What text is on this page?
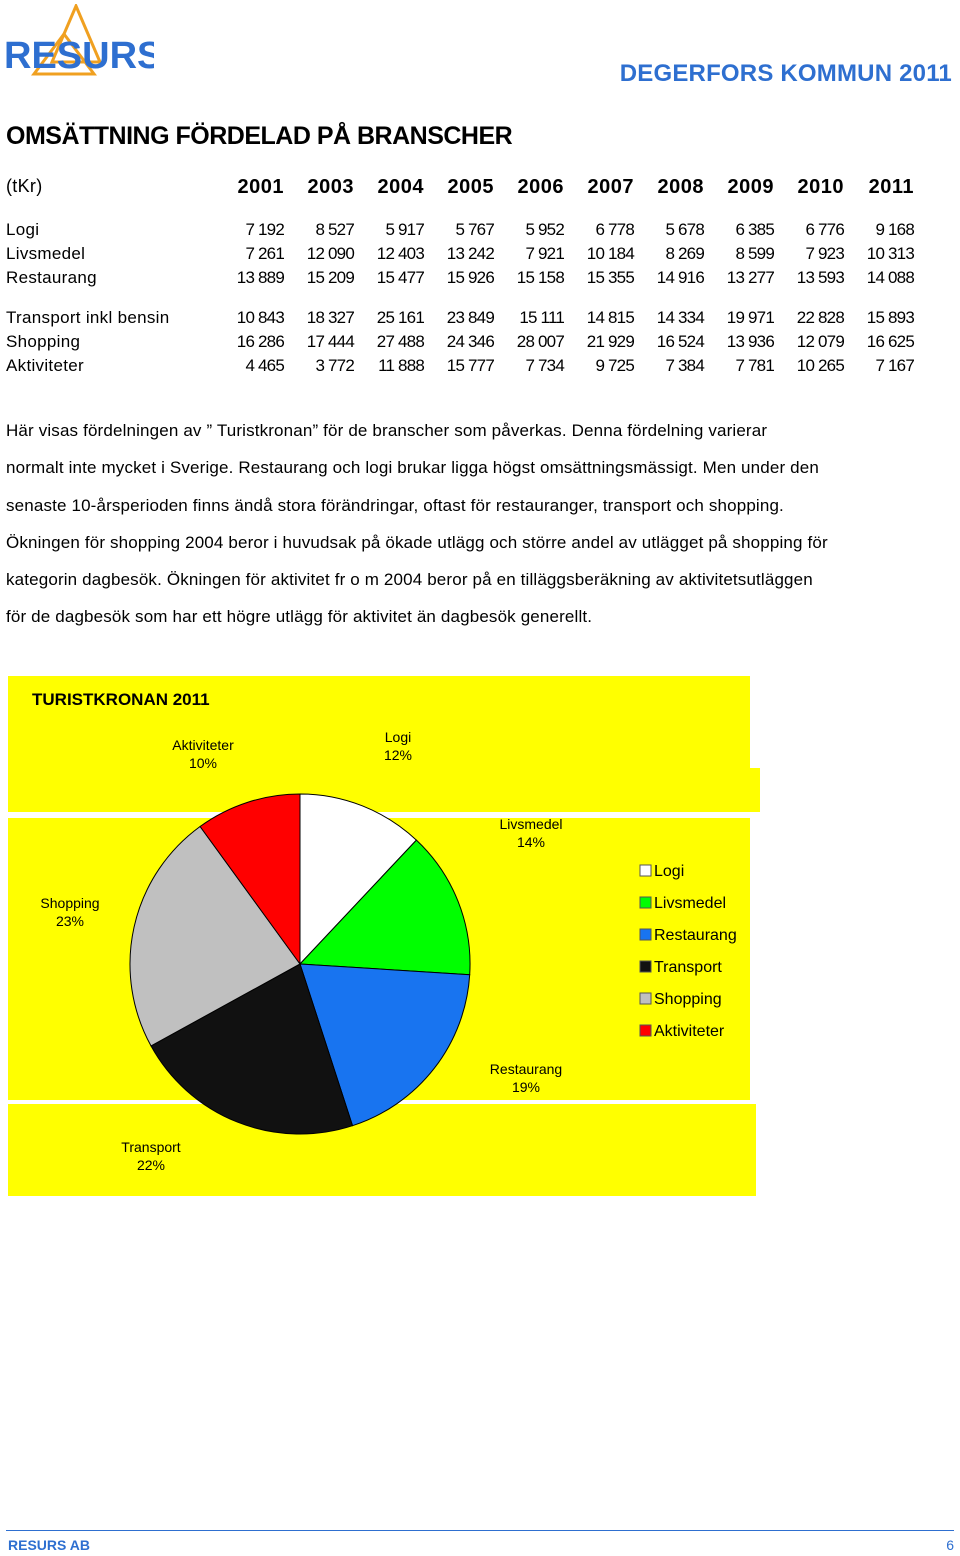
RESURS	DEGERFORS KOMMUN 2011
OMSÄTTNING FÖRDELAD PÅ BRANSCHER
(tKr)	2001	2003	2004	2005	2006	2007	2008	2009	2010	2011
Logi	7 192	8 527	5 917	5 767	5 952	6 778	5 678	6 385	6 776	9 168
Livsmedel	7 261	12 090	12 403	13 242	7 921	10 184	8 269	8 599	7 923	10 313
Restaurang	13 889	15 209	15 477	15 926	15 158	15 355	14 916	13 277	13 593	14 088
Transport inkl bensin	10 843	18 327	25 161	23 849	15 111	14 815	14 334	19 971	22 828	15 893
Shopping	16 286	17 444	27 488	24 346	28 007	21 929	16 524	13 936	12 079	16 625
Aktiviteter	4 465	3 772	11 888	15 777	7 734	9 725	7 384	7 781	10 265	7 167
Här visas fördelningen av ” Turistkronan” för de branscher som påverkas. Denna fördelning varierar
normalt inte mycket i Sverige. Restaurang och logi brukar ligga högst omsättningsmässigt. Men under den
senaste 10-årsperioden finns ändå stora förändringar, oftast för restauranger, transport och shopping.
Ökningen för shopping 2004 beror i huvudsak på ökade utlägg och större andel av utlägget på shopping för
kategorin dagbesök. Ökningen för aktivitet fr o m 2004 beror på en tilläggsberäkning av aktivitetsutläggen
för de dagbesök som har ett högre utlägg för aktivitet än dagbesök generellt.
TURISTKRONAN 2011
Logi
12%
Livsmedel
14%
Restaurang
19%
Transport
22%
Shopping
23%
Aktiviteter
10%
Logi
Livsmedel
Restaurang
Transport
Shopping
Aktiviteter
RESURS AB	6
